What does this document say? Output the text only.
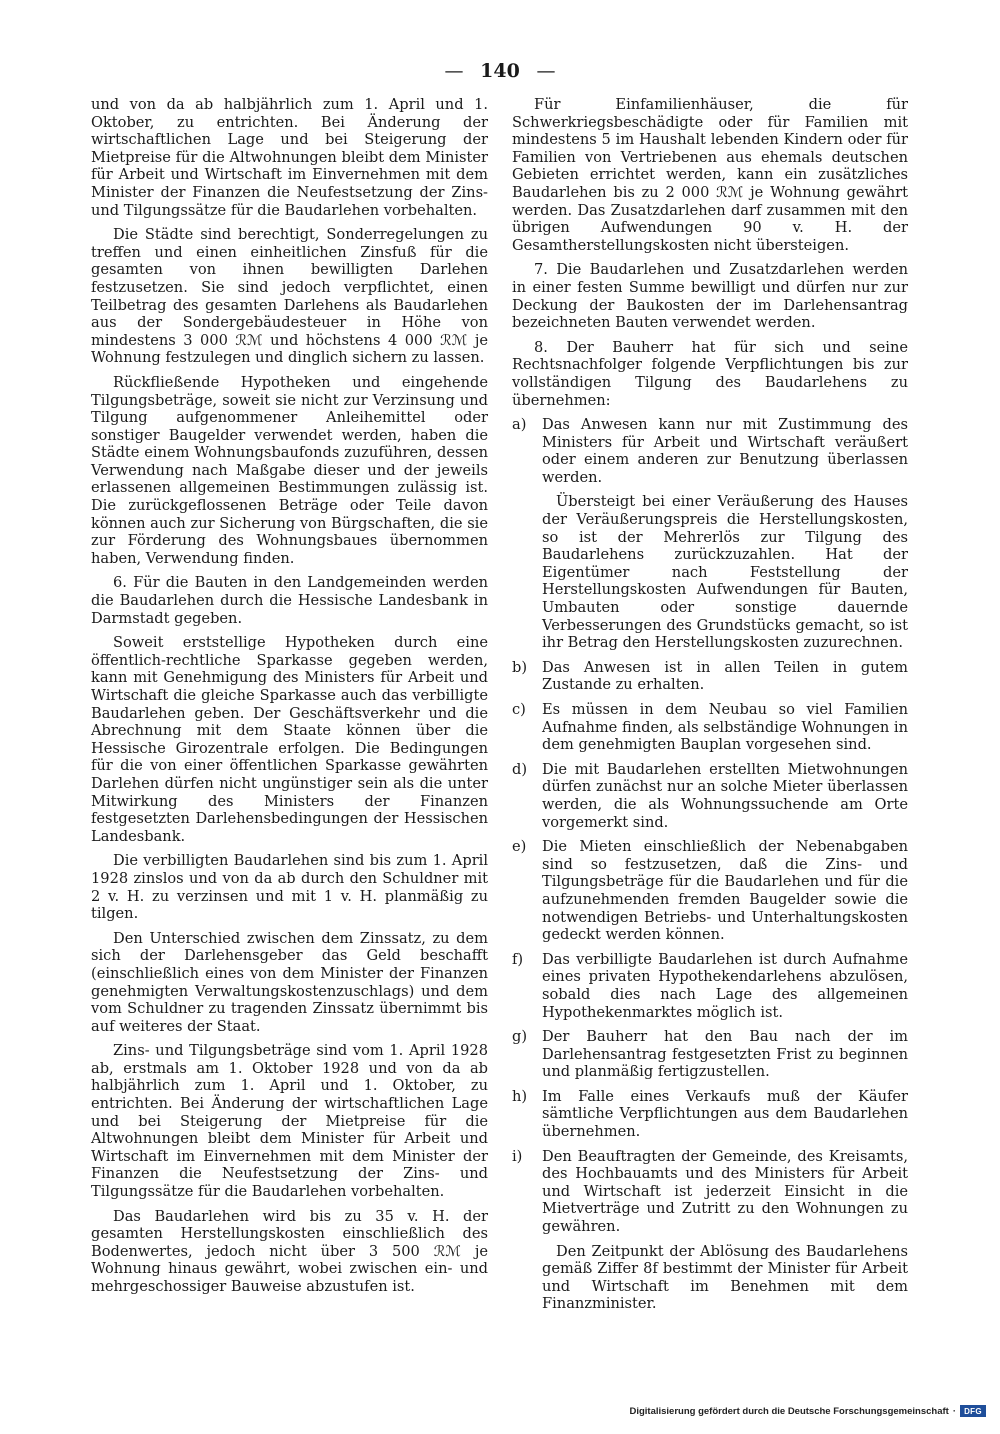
— 140 —

und von da ab halbjährlich zum 1. April und 1. Oktober, zu entrichten. Bei Änderung der wirtschaftlichen Lage und bei Steigerung der Mietpreise für die Altwohnungen bleibt dem Minister für Arbeit und Wirtschaft im Einvernehmen mit dem Minister der Finanzen die Neufestsetzung der Zins- und Tilgungssätze für die Baudarlehen vorbehalten.

Die Städte sind berechtigt, Sonderregelungen zu treffen und einen einheitlichen Zinsfuß für die gesamten von ihnen bewilligten Darlehen festzusetzen. Sie sind jedoch verpflichtet, einen Teilbetrag des gesamten Darlehens als Baudarlehen aus der Sondergebäudesteuer in Höhe von mindestens 3 000 ℛℳ und höchstens 4 000 ℛℳ je Wohnung festzulegen und dinglich sichern zu lassen.

Rückfließende Hypotheken und eingehende Tilgungsbeträge, soweit sie nicht zur Verzinsung und Tilgung aufgenommener Anleihemittel oder sonstiger Baugelder verwendet werden, haben die Städte einem Wohnungsbaufonds zuzuführen, dessen Verwendung nach Maßgabe dieser und der jeweils erlassenen allgemeinen Bestimmungen zulässig ist. Die zurückgeflossenen Beträge oder Teile davon können auch zur Sicherung von Bürgschaften, die sie zur Förderung des Wohnungsbaues übernommen haben, Verwendung finden.

6. Für die Bauten in den Landgemeinden werden die Baudarlehen durch die Hessische Landesbank in Darmstadt gegeben.

Soweit erststellige Hypotheken durch eine öffentlich-rechtliche Sparkasse gegeben werden, kann mit Genehmigung des Ministers für Arbeit und Wirtschaft die gleiche Sparkasse auch das verbilligte Baudarlehen geben. Der Geschäftsverkehr und die Abrechnung mit dem Staate können über die Hessische Girozentrale erfolgen. Die Bedingungen für die von einer öffentlichen Sparkasse gewährten Darlehen dürfen nicht ungünstiger sein als die unter Mitwirkung des Ministers der Finanzen festgesetzten Darlehensbedingungen der Hessischen Landesbank.

Die verbilligten Baudarlehen sind bis zum 1. April 1928 zinslos und von da ab durch den Schuldner mit 2 v. H. zu verzinsen und mit 1 v. H. planmäßig zu tilgen.

Den Unterschied zwischen dem Zinssatz, zu dem sich der Darlehensgeber das Geld beschafft (einschließlich eines von dem Minister der Finanzen genehmigten Verwaltungskostenzuschlags) und dem vom Schuldner zu tragenden Zinssatz übernimmt bis auf weiteres der Staat.

Zins- und Tilgungsbeträge sind vom 1. April 1928 ab, erstmals am 1. Oktober 1928 und von da ab halbjährlich zum 1. April und 1. Oktober, zu entrichten. Bei Änderung der wirtschaftlichen Lage und bei Steigerung der Mietpreise für die Altwohnungen bleibt dem Minister für Arbeit und Wirtschaft im Einvernehmen mit dem Minister der Finanzen die Neufestsetzung der Zins- und Tilgungssätze für die Baudarlehen vorbehalten.

Das Baudarlehen wird bis zu 35 v. H. der gesamten Herstellungskosten einschließlich des Bodenwertes, jedoch nicht über 3 500 ℛℳ je Wohnung hinaus gewährt, wobei zwischen ein- und mehrgeschossiger Bauweise abzustufen ist.

Für Einfamilienhäuser, die für Schwerkriegsbeschädigte oder für Familien mit mindestens 5 im Haushalt lebenden Kindern oder für Familien von Vertriebenen aus ehemals deutschen Gebieten errichtet werden, kann ein zusätzliches Baudarlehen bis zu 2 000 ℛℳ je Wohnung gewährt werden. Das Zusatzdarlehen darf zusammen mit den übrigen Aufwendungen 90 v. H. der Gesamtherstellungskosten nicht übersteigen.

7. Die Baudarlehen und Zusatzdarlehen werden in einer festen Summe bewilligt und dürfen nur zur Deckung der Baukosten der im Darlehensantrag bezeichneten Bauten verwendet werden.

8. Der Bauherr hat für sich und seine Rechtsnachfolger folgende Verpflichtungen bis zur vollständigen Tilgung des Baudarlehens zu übernehmen:

a)	Das Anwesen kann nur mit Zustimmung des Ministers für Arbeit und Wirtschaft veräußert oder einem anderen zur Benutzung überlassen werden.
Übersteigt bei einer Veräußerung des Hauses der Veräußerungspreis die Herstellungskosten, so ist der Mehrerlös zur Tilgung des Baudarlehens zurückzuzahlen. Hat der Eigentümer nach Feststellung der Herstellungskosten Aufwendungen für Bauten, Umbauten oder sonstige dauernde Verbesserungen des Grundstücks gemacht, so ist ihr Betrag den Herstellungskosten zuzurechnen.
b)	Das Anwesen ist in allen Teilen in gutem Zustande zu erhalten.
c)	Es müssen in dem Neubau so viel Familien Aufnahme finden, als selbständige Wohnungen in dem genehmigten Bauplan vorgesehen sind.
d)	Die mit Baudarlehen erstellten Mietwohnungen dürfen zunächst nur an solche Mieter überlassen werden, die als Wohnungssuchende am Orte vorgemerkt sind.
e)	Die Mieten einschließlich der Nebenabgaben sind so festzusetzen, daß die Zins- und Tilgungsbeträge für die Baudarlehen und für die aufzunehmenden fremden Baugelder sowie die notwendigen Betriebs- und Unterhaltungskosten gedeckt werden können.
f)	Das verbilligte Baudarlehen ist durch Aufnahme eines privaten Hypothekendarlehens abzulösen, sobald dies nach Lage des allgemeinen Hypothekenmarktes möglich ist.
g)	Der Bauherr hat den Bau nach der im Darlehensantrag festgesetzten Frist zu beginnen und planmäßig fertigzustellen.
h)	Im Falle eines Verkaufs muß der Käufer sämtliche Verpflichtungen aus dem Baudarlehen übernehmen.
i)	Den Beauftragten der Gemeinde, des Kreisamts, des Hochbauamts und des Ministers für Arbeit und Wirtschaft ist jederzeit Einsicht in die Mietverträge und Zutritt zu den Wohnungen zu gewähren.
Den Zeitpunkt der Ablösung des Baudarlehens gemäß Ziffer 8f bestimmt der Minister für Arbeit und Wirtschaft im Benehmen mit dem Finanzminister.
Digitalisierung gefördert durch die Deutsche Forschungsgemeinschaft ·	DFG
